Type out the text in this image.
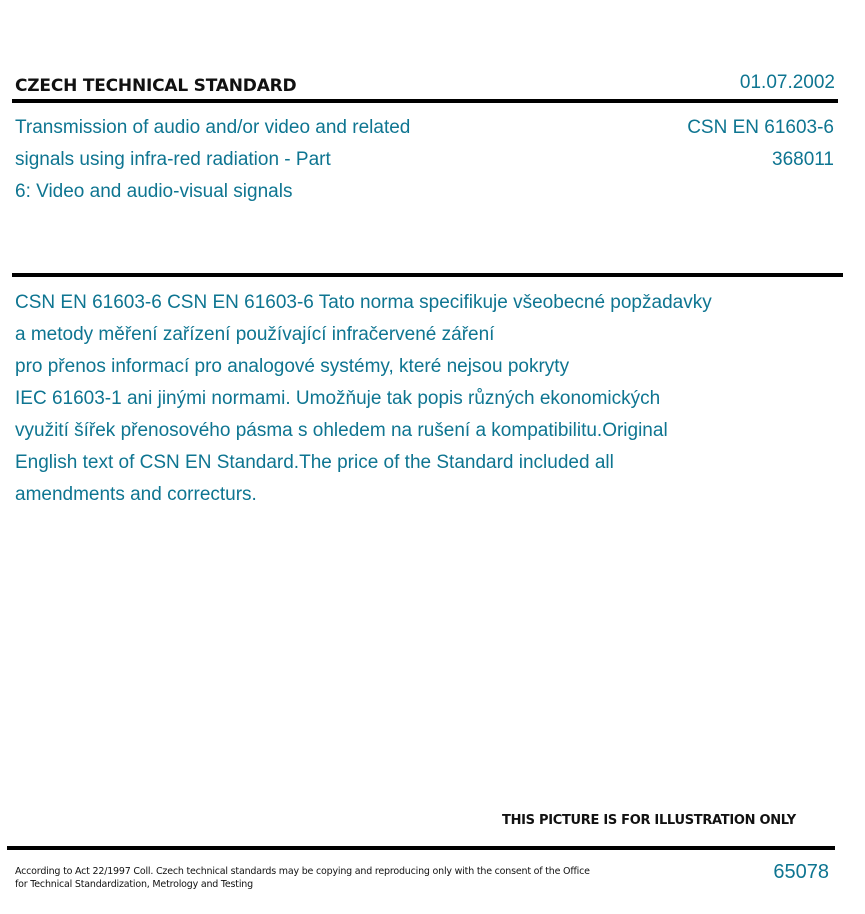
CZECH TECHNICAL STANDARD	01.07.2002
Transmission of audio and/or video and related
signals using infra-red radiation - Part
6: Video and audio-visual signals
CSN EN 61603-6
368011
CSN EN 61603-6 CSN EN 61603-6 Tato norma specifikuje všeobecné popžadavky
a metody měření zařízení používající infračervené záření
pro přenos informací pro analogové systémy, které nejsou pokryty
IEC 61603-1 ani jinými normami. Umožňuje tak popis různých ekonomických
využití šířek přenosového pásma s ohledem na rušení a kompatibilitu.Original
English text of CSN EN Standard.The price of the Standard included all
amendments and correcturs.
THIS PICTURE IS FOR ILLUSTRATION ONLY
According to Act 22/1997 Coll. Czech technical standards may be copying and reproducing only with the consent of the Office
for Technical Standardization, Metrology and Testing
65078
